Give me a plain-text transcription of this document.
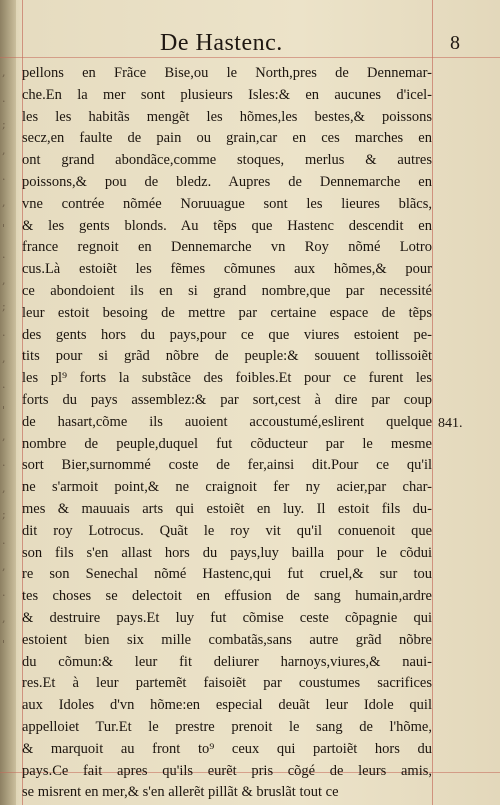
,
.
;
,
.
,
'
.
,
;
.
,
.
'
,
.
,
;
.
,
.
,
'
De Hastenc.	8
pellons en Frãce Bise,ou le North,pres de Dennemar-
che.En la mer sont plusieurs Isles:& en aucunes d'icel-
les les habitãs mengẽt les hõmes,les bestes,& poissons
secz,en faulte de pain ou grain,car en ces marches en
ont grand abondãce,comme stoques, merlus & autres
poissons,& pou de bledz. Aupres de Dennemarche en
vne contrée nõmée Noruuague sont les lieures blãcs,
& les gents blonds. Au tẽps que Hastenc descendit en
france regnoit en Dennemarche vn Roy nõmé Lotro
cus.Là estoiẽt les fẽmes cõmunes aux hõmes,& pour
ce abondoient ils en si grand nombre,que par necessité
leur estoit besoing de mettre par certaine espace de tẽps
des gents hors du pays,pour ce que viures estoient pe-
tits pour si grãd nõbre de peuple:& souuent tollissoiẽt
les pl⁹ forts la substãce des foibles.Et pour ce furent les
forts du pays assemblez:& par sort,cest à dire par coup
de hasart,cõme ils auoient accoustumé,eslirent quelque
nombre de peuple,duquel fut cõducteur par le mesme
sort Bier,surnommé coste de fer,ainsi dit.Pour ce qu'il
ne s'armoit point,& ne craignoit fer ny acier,par char-
mes & mauuais arts qui estoiẽt en luy. Il estoit fils du-
dit roy Lotrocus. Quãt le roy vit qu'il conuenoit que
son fils s'en allast hors du pays,luy bailla pour le cõdui
re son Senechal nõmé Hastenc,qui fut cruel,& sur tou
tes choses se delectoit en effusion de sang humain,ardre
& destruire pays.Et luy fut cõmise ceste cõpagnie qui
estoient bien six mille combatãs,sans autre grãd nõbre
du cõmun:& leur fit deliurer harnoys,viures,& naui-
res.Et à leur partemẽt faisoiẽt par coustumes sacrifices
aux Idoles d'vn hõme:en especial deuãt leur Idole quil
appelloiet Tur.Et le prestre prenoit le sang de l'hõme,
& marquoit au front to⁹ ceux qui partoiẽt hors du
pays.Ce fait apres qu'ils eurẽt pris cõgé de leurs amis,
se misrent en mer,& s'en allerẽt pillãt & bruslãt tout ce
841.
